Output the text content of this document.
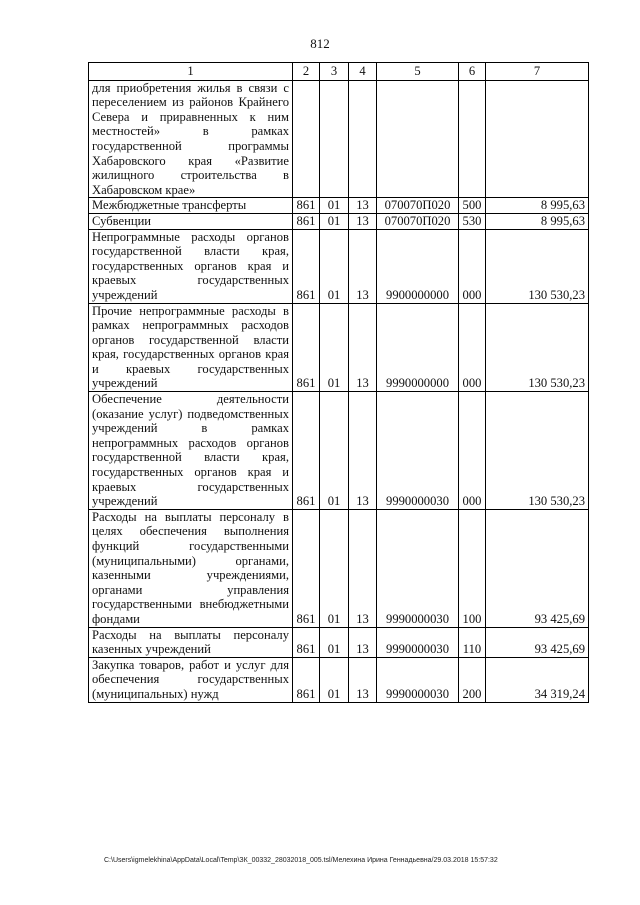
812
1	2	3	4	5	6	7
для приобретения жилья в связи с переселением из районов Крайнего Севера и приравненных к ним местностей» в рамках государственной программы Хабаровского края «Развитие жилищного строительства в Хабаровском крае»						
Межбюджетные трансферты	861	01	13	070070П020	500	8 995,63
Субвенции	861	01	13	070070П020	530	8 995,63
Непрограммные расходы органов государственной власти края, государственных органов края и краевых государственных учреждений	861	01	13	9900000000	000	130 530,23
Прочие непрограммные расходы в рамках непрограммных расходов органов государственной власти края, государственных органов края и краевых государственных учреждений	861	01	13	9990000000	000	130 530,23
Обеспечение деятельности (оказание услуг) подведомственных учреждений в рамках непрограммных расходов органов государственной власти края, государственных органов края и краевых государственных учреждений	861	01	13	9990000030	000	130 530,23
Расходы на выплаты персоналу в целях обеспечения выполнения функций государственными (муниципальными) органами, казенными учреждениями, органами управления государственными внебюджетными фондами	861	01	13	9990000030	100	93 425,69
Расходы на выплаты персоналу казенных учреждений	861	01	13	9990000030	110	93 425,69
Закупка товаров, работ и услуг для обеспечения государственных (муниципальных) нужд	861	01	13	9990000030	200	34 319,24
C:\Users\igmelekhina\AppData\Local\Temp\ЗК_00332_28032018_005.tsl/Мелехина Ирина Геннадьевна/29.03.2018 15:57:32
